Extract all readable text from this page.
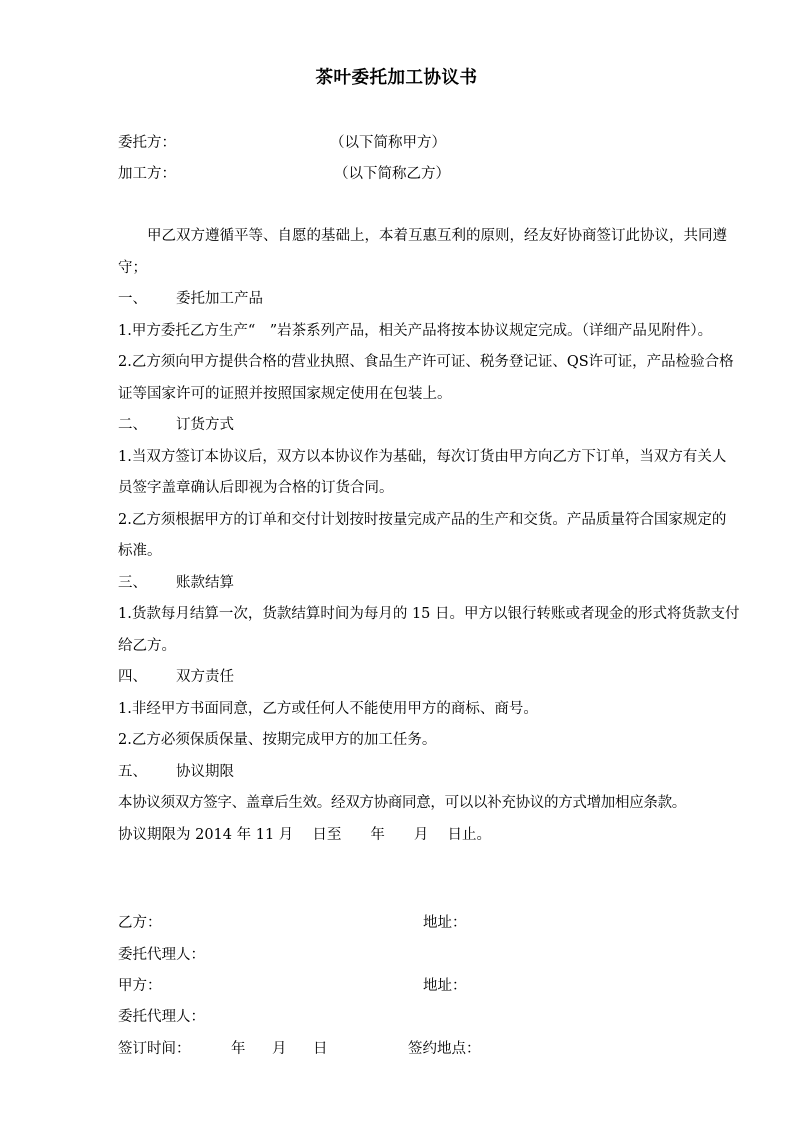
茶叶委托加工协议书
委托方：	（以下简称甲方）
加工方：	（以下简称乙方）

甲乙双方遵循平等、自愿的基础上，本着互惠互利的原则，经友好协商签订此协议，共同遵守；

一、 委托加工产品

1.甲方委托乙方生产“　”岩茶系列产品，相关产品将按本协议规定完成。（详细产品见附件）。

2.乙方须向甲方提供合格的营业执照、食品生产许可证、税务登记证、QS许可证，产品检验合格证等国家许可的证照并按照国家规定使用在包装上。

二、 订货方式

1.当双方签订本协议后，双方以本协议作为基础，每次订货由甲方向乙方下订单，当双方有关人员签字盖章确认后即视为合格的订货合同。

2.乙方须根据甲方的订单和交付计划按时按量完成产品的生产和交货。产品质量符合国家规定的标准。

三、 账款结算

1.货款每月结算一次，货款结算时间为每月的 15 日。甲方以银行转账或者现金的形式将货款支付给乙方。

四、 双方责任

1.非经甲方书面同意，乙方或任何人不能使用甲方的商标、商号。

2.乙方必须保质保量、按期完成甲方的加工任务。

五、 协议期限

本协议须双方签字、盖章后生效。经双方协商同意，可以以补充协议的方式增加相应条款。

协议期限为 2014 年 11 月　 日至　　年　　月　 日止。

乙方：	地址：
委托代理人：
甲方：	地址：
委托代理人：
签订时间：	年 月 日	签约地点：
